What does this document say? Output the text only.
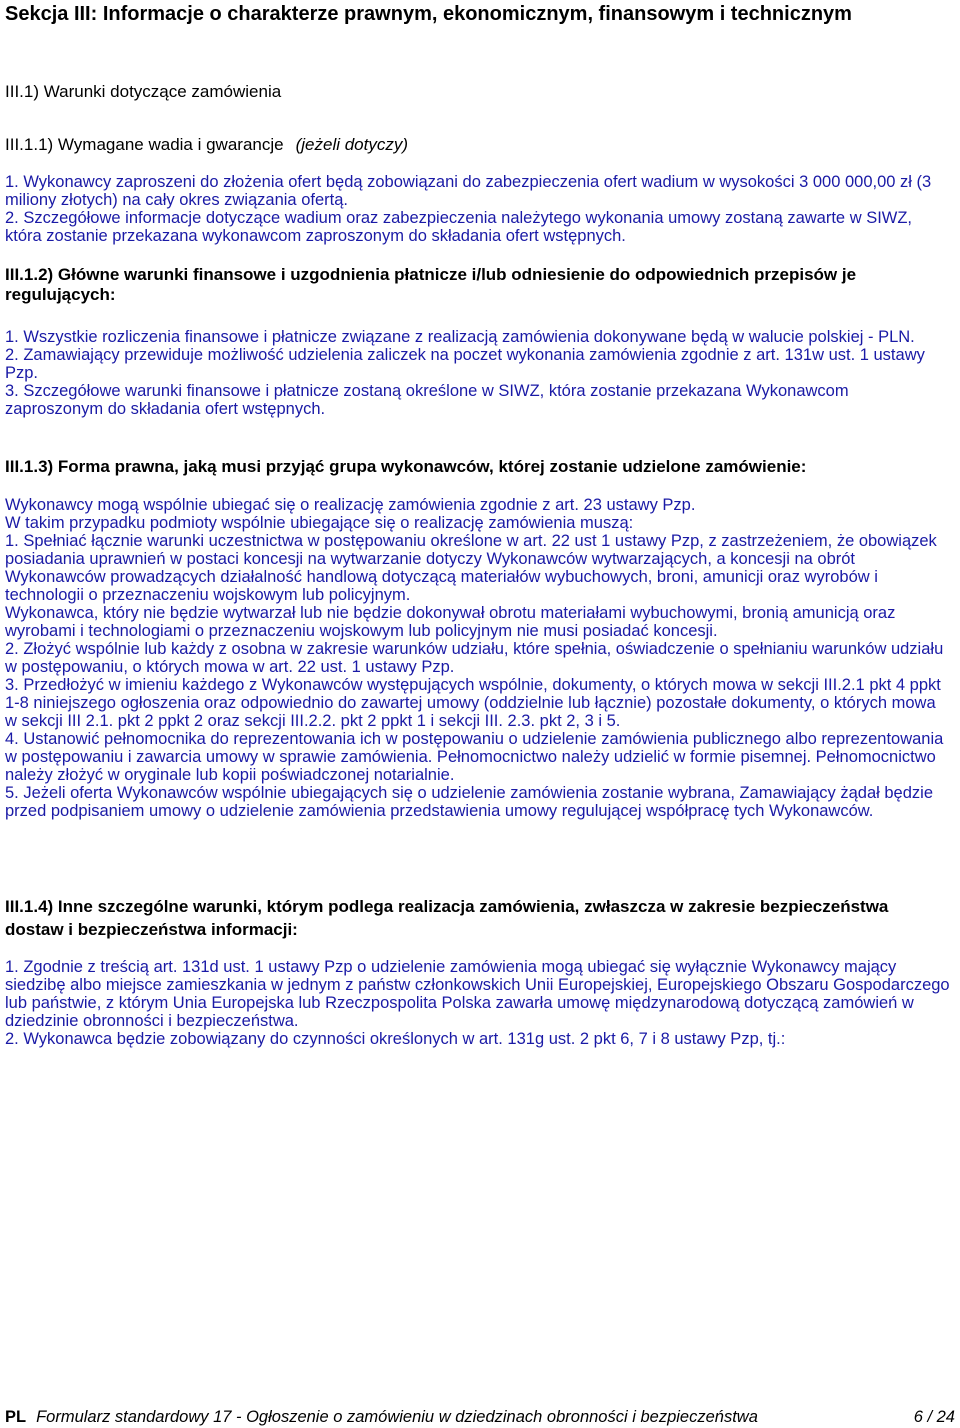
Sekcja III: Informacje o charakterze prawnym, ekonomicznym, finansowym i technicznym
III.1) Warunki dotyczące zamówienia
III.1.1) Wymagane wadia i gwarancje (jeżeli dotyczy)

1. Wykonawcy zaproszeni do złożenia ofert będą zobowiązani do zabezpieczenia ofert wadium w wysokości 3 000 000,00 zł (3 miliony złotych) na cały okres związania ofertą.

2. Szczegółowe informacje dotyczące wadium oraz zabezpieczenia należytego wykonania umowy zostaną zawarte w SIWZ, która zostanie przekazana wykonawcom zaproszonym do składania ofert wstępnych.

III.1.2) Główne warunki finansowe i uzgodnienia płatnicze i/lub odniesienie do odpowiednich przepisów je regulujących:

1. Wszystkie rozliczenia finansowe i płatnicze związane z realizacją zamówienia dokonywane będą w walucie polskiej - PLN.

2. Zamawiający przewiduje możliwość udzielenia zaliczek na poczet wykonania zamówienia zgodnie z art. 131w ust. 1 ustawy Pzp.

3. Szczegółowe warunki finansowe i płatnicze zostaną określone w SIWZ, która zostanie przekazana Wykonawcom zaproszonym do składania ofert wstępnych.

III.1.3) Forma prawna, jaką musi przyjąć grupa wykonawców, której zostanie udzielone zamówienie:

Wykonawcy mogą wspólnie ubiegać się o realizację zamówienia zgodnie z art. 23 ustawy Pzp.

W takim przypadku podmioty wspólnie ubiegające się o realizację zamówienia muszą:

1. Spełniać łącznie warunki uczestnictwa w postępowaniu określone w art. 22 ust 1 ustawy Pzp, z zastrzeżeniem, że obowiązek posiadania uprawnień w postaci koncesji na wytwarzanie dotyczy Wykonawców wytwarzających, a koncesji na obrót Wykonawców prowadzących działalność handlową dotyczącą materiałów wybuchowych, broni, amunicji oraz wyrobów i technologii o przeznaczeniu wojskowym lub policyjnym.

Wykonawca, który nie będzie wytwarzał lub nie będzie dokonywał obrotu materiałami wybuchowymi, bronią amunicją oraz wyrobami i technologiami o przeznaczeniu wojskowym lub policyjnym nie musi posiadać koncesji.

2. Złożyć wspólnie lub każdy z osobna w zakresie warunków udziału, które spełnia, oświadczenie o spełnianiu warunków udziału w postępowaniu, o których mowa w art. 22 ust. 1 ustawy Pzp.

3. Przedłożyć w imieniu każdego z Wykonawców występujących wspólnie, dokumenty, o których mowa w sekcji III.2.1 pkt 4 ppkt 1-8 niniejszego ogłoszenia oraz odpowiednio do zawartej umowy (oddzielnie lub łącznie) pozostałe dokumenty, o których mowa w sekcji III 2.1. pkt 2 ppkt 2 oraz sekcji III.2.2. pkt 2 ppkt 1 i sekcji III. 2.3. pkt 2, 3 i 5.

4. Ustanowić pełnomocnika do reprezentowania ich w postępowaniu o udzielenie zamówienia publicznego albo reprezentowania w postępowaniu i zawarcia umowy w sprawie zamówienia. Pełnomocnictwo należy udzielić w formie pisemnej. Pełnomocnictwo należy złożyć w oryginale lub kopii poświadczonej notarialnie.

5. Jeżeli oferta Wykonawców wspólnie ubiegających się o udzielenie zamówienia zostanie wybrana, Zamawiający żądał będzie przed podpisaniem umowy o udzielenie zamówienia przedstawienia umowy regulującej współpracę tych Wykonawców.

III.1.4) Inne szczególne warunki, którym podlega realizacja zamówienia, zwłaszcza w zakresie bezpieczeństwa dostaw i bezpieczeństwa informacji:

1. Zgodnie z treścią art. 131d ust. 1 ustawy Pzp o udzielenie zamówienia mogą ubiegać się wyłącznie Wykonawcy mający siedzibę albo miejsce zamieszkania w jednym z państw członkowskich Unii Europejskiej, Europejskiego Obszaru Gospodarczego lub państwie, z którym Unia Europejska lub Rzeczpospolita Polska zawarła umowę międzynarodową dotyczącą zamówień w dziedzinie obronności i bezpieczeństwa.

2. Wykonawca będzie zobowiązany do czynności określonych w art. 131g ust. 2 pkt 6, 7 i 8 ustawy Pzp, tj.:

PL Formularz standardowy 17 - Ogłoszenie o zamówieniu w dziedzinach obronności i bezpieczeństwa	6 / 24
